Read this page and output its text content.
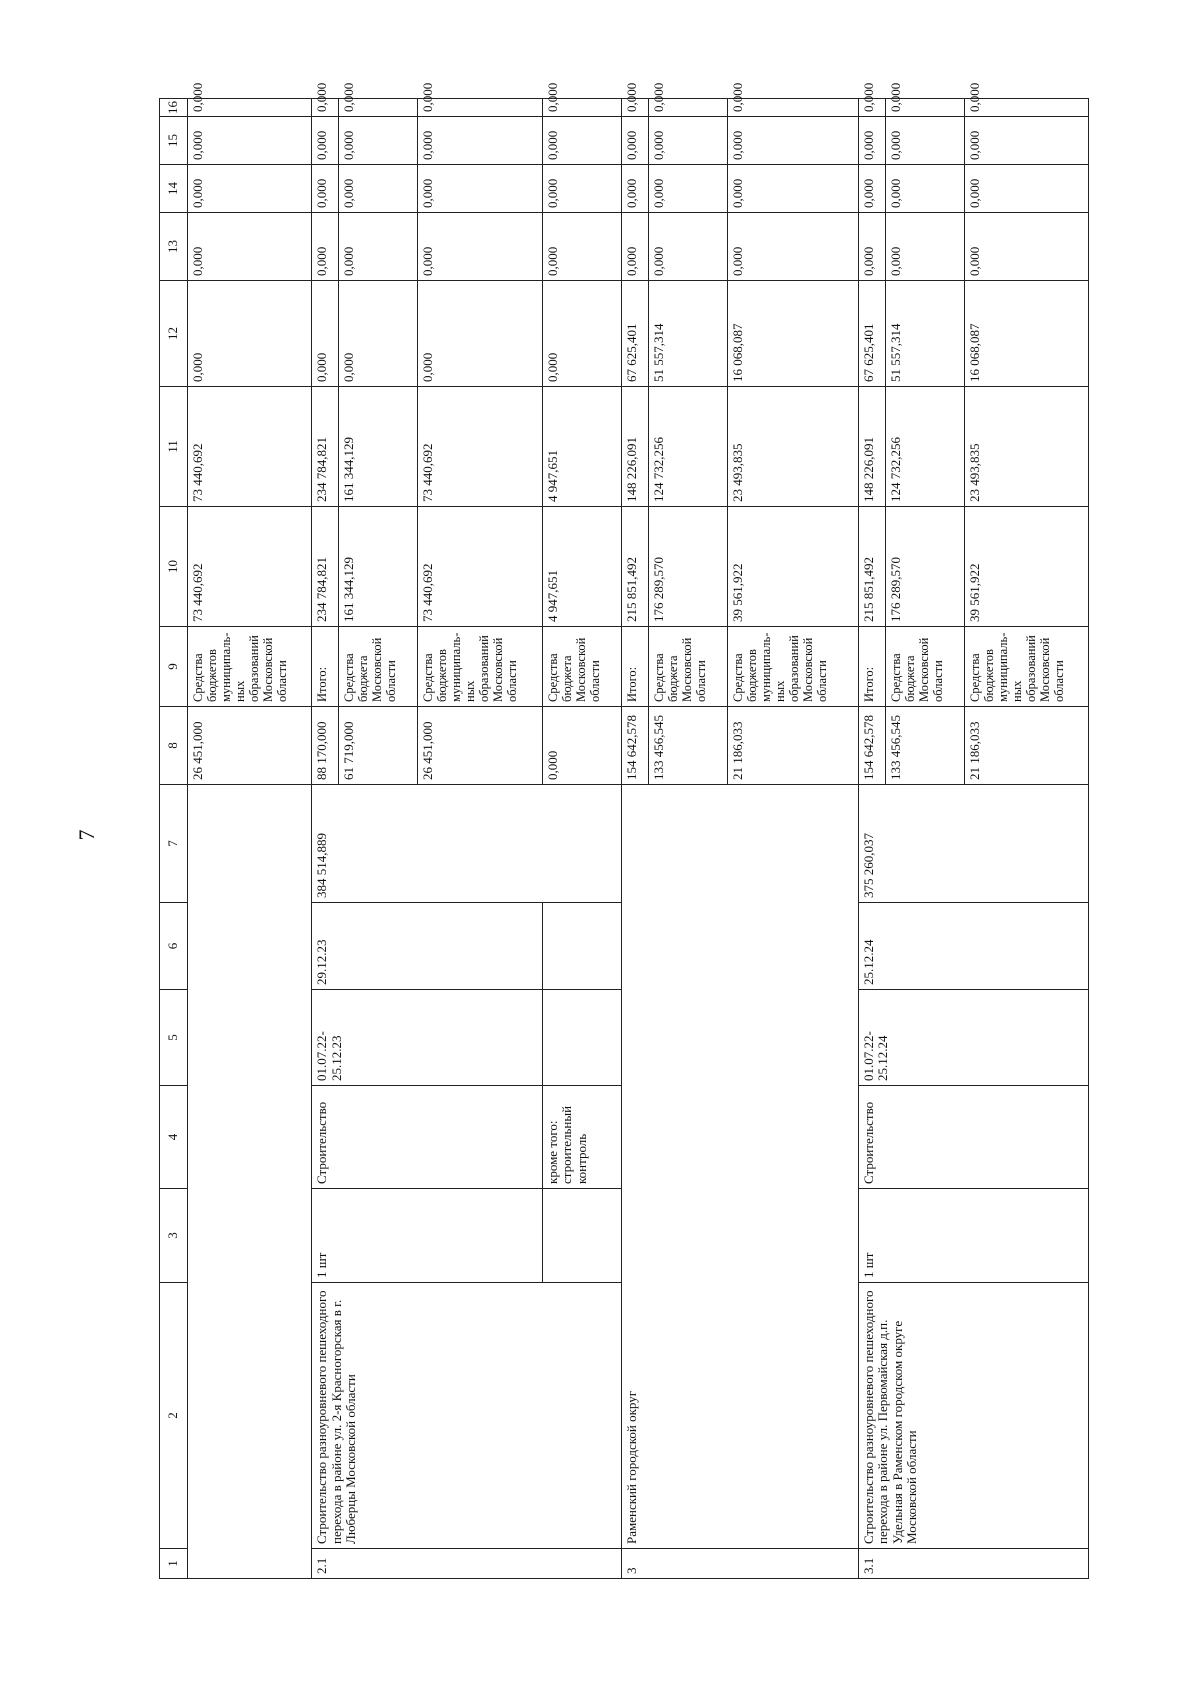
7
1	2	3	4	5	6	7	8	9	10	11	12	13	14	15	16
							26 451,000	Средства бюджетов муниципаль-ных образований Московской области	73 440,692	73 440,692	0,000	0,000	0,000	0,000	0,000
2.1	Строительство разноуровневого пешеходного перехода в районе ул. 2-я Красногорская в г. Люберцы Московской области	1 шт	Строительство	01.07.22-25.12.23	29.12.23	384 514,889	88 170,000	Итого:	234 784,821	234 784,821	0,000	0,000	0,000	0,000	0,000
							61 719,000	Средства бюджета Московской области	161 344,129	161 344,129	0,000	0,000	0,000	0,000	0,000
							26 451,000	Средства бюджетов муниципаль-ных образований Московской области	73 440,692	73 440,692	0,000	0,000	0,000	0,000	0,000
			кроме того: строительный контроль				0,000	Средства бюджета Московской области	4 947,651	4 947,651	0,000	0,000	0,000	0,000	0,000
3	Раменский городской округ						154 642,578	Итого:	215 851,492	148 226,091	67 625,401	0,000	0,000	0,000	0,000
							133 456,545	Средства бюджета Московской области	176 289,570	124 732,256	51 557,314	0,000	0,000	0,000	0,000
							21 186,033	Средства бюджетов муниципаль-ных образований Московской области	39 561,922	23 493,835	16 068,087	0,000	0,000	0,000	0,000
3.1	Строительство разноуровневого пешеходного перехода в районе ул. Первомайская д.п. Удельная в Раменском городском округе Московской области	1 шт	Строительство	01.07.22-25.12.24	25.12.24	375 260,037	154 642,578	Итого:	215 851,492	148 226,091	67 625,401	0,000	0,000	0,000	0,000
							133 456,545	Средства бюджета Московской области	176 289,570	124 732,256	51 557,314	0,000	0,000	0,000	0,000
							21 186,033	Средства бюджетов муниципаль-ных образований Московской области	39 561,922	23 493,835	16 068,087	0,000	0,000	0,000	0,000
